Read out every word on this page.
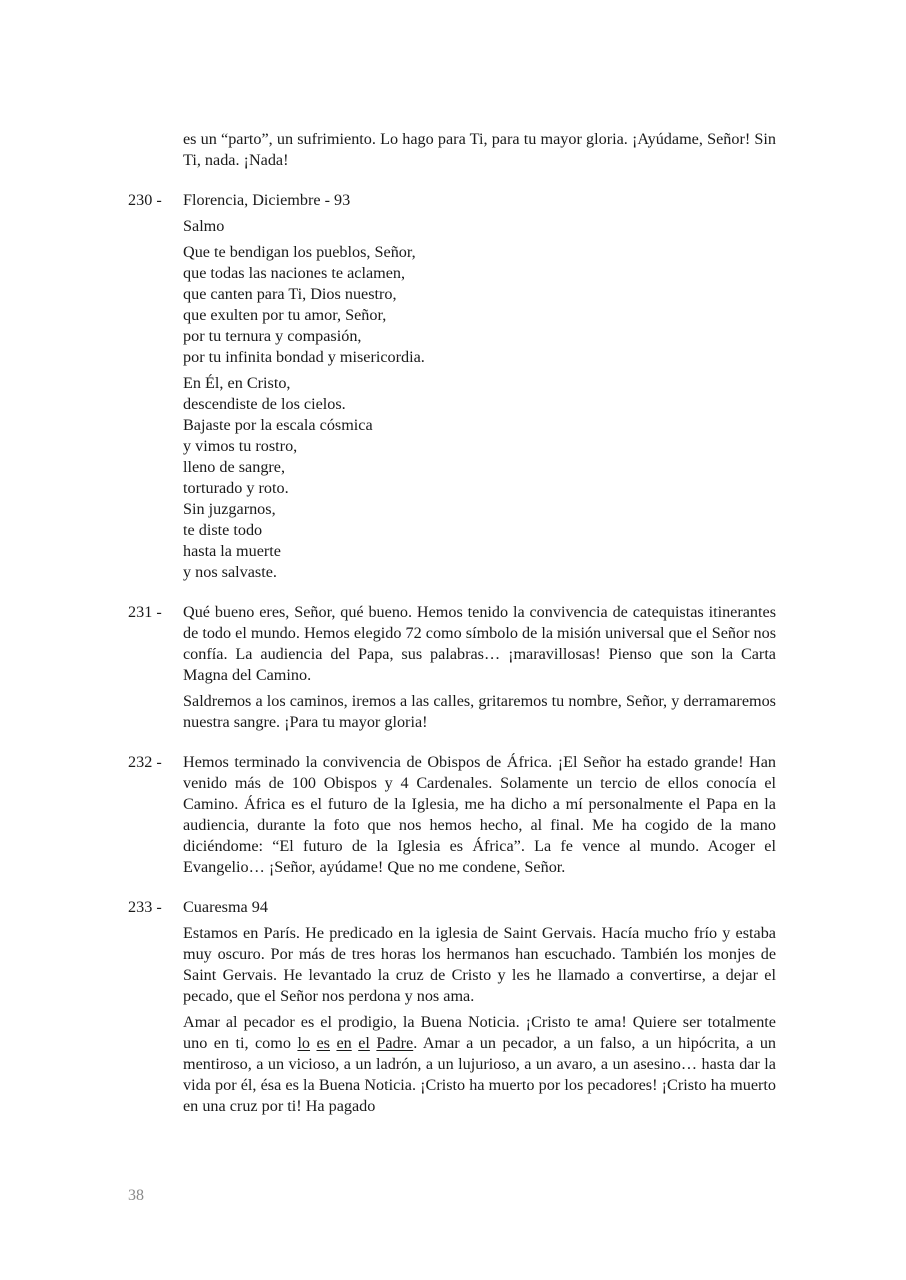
es un “parto”, un sufrimiento. Lo hago para Ti, para tu mayor gloria. ¡Ayúdame, Señor! Sin Ti, nada. ¡Nada!

230 -	Florencia, Diciembre - 93

Salmo

Que te bendigan los pueblos, Señor,
que todas las naciones te aclamen,
que canten para Ti, Dios nuestro,
que exulten por tu amor, Señor,
por tu ternura y compasión,
por tu infinita bondad y misericordia.
En Él, en Cristo,
descendiste de los cielos.
Bajaste por la escala cósmica
y vimos tu rostro,
lleno de sangre,
torturado y roto.
Sin juzgarnos,
te diste todo
hasta la muerte
y nos salvaste.
231 -	Qué bueno eres, Señor, qué bueno. Hemos tenido la convivencia de catequistas itinerantes de todo el mundo. Hemos elegido 72 como símbolo de la misión universal que el Señor nos confía. La audiencia del Papa, sus palabras… ¡maravillosas! Pienso que son la Carta Magna del Camino.

Saldremos a los caminos, iremos a las calles, gritaremos tu nombre, Señor, y derramaremos nuestra sangre. ¡Para tu mayor gloria!

232 -	Hemos terminado la convivencia de Obispos de África. ¡El Señor ha estado grande! Han venido más de 100 Obispos y 4 Cardenales. Solamente un tercio de ellos conocía el Camino. África es el futuro de la Iglesia, me ha dicho a mí personalmente el Papa en la audiencia, durante la foto que nos hemos hecho, al final. Me ha cogido de la mano diciéndome: “El futuro de la Iglesia es África”. La fe vence al mundo. Acoger el Evangelio… ¡Señor, ayúdame! Que no me condene, Señor.

233 -	Cuaresma 94

Estamos en París. He predicado en la iglesia de Saint Gervais. Hacía mucho frío y estaba muy oscuro. Por más de tres horas los hermanos han escuchado. También los monjes de Saint Gervais. He levantado la cruz de Cristo y les he llamado a convertirse, a dejar el pecado, que el Señor nos perdona y nos ama.

Amar al pecador es el prodigio, la Buena Noticia. ¡Cristo te ama! Quiere ser totalmente uno en ti, como lo es en el Padre. Amar a un pecador, a un falso, a un hipócrita, a un mentiroso, a un vicioso, a un ladrón, a un lujurioso, a un avaro, a un asesino… hasta dar la vida por él, ésa es la Buena Noticia. ¡Cristo ha muerto por los pecadores! ¡Cristo ha muerto en una cruz por ti! Ha pagado

38
